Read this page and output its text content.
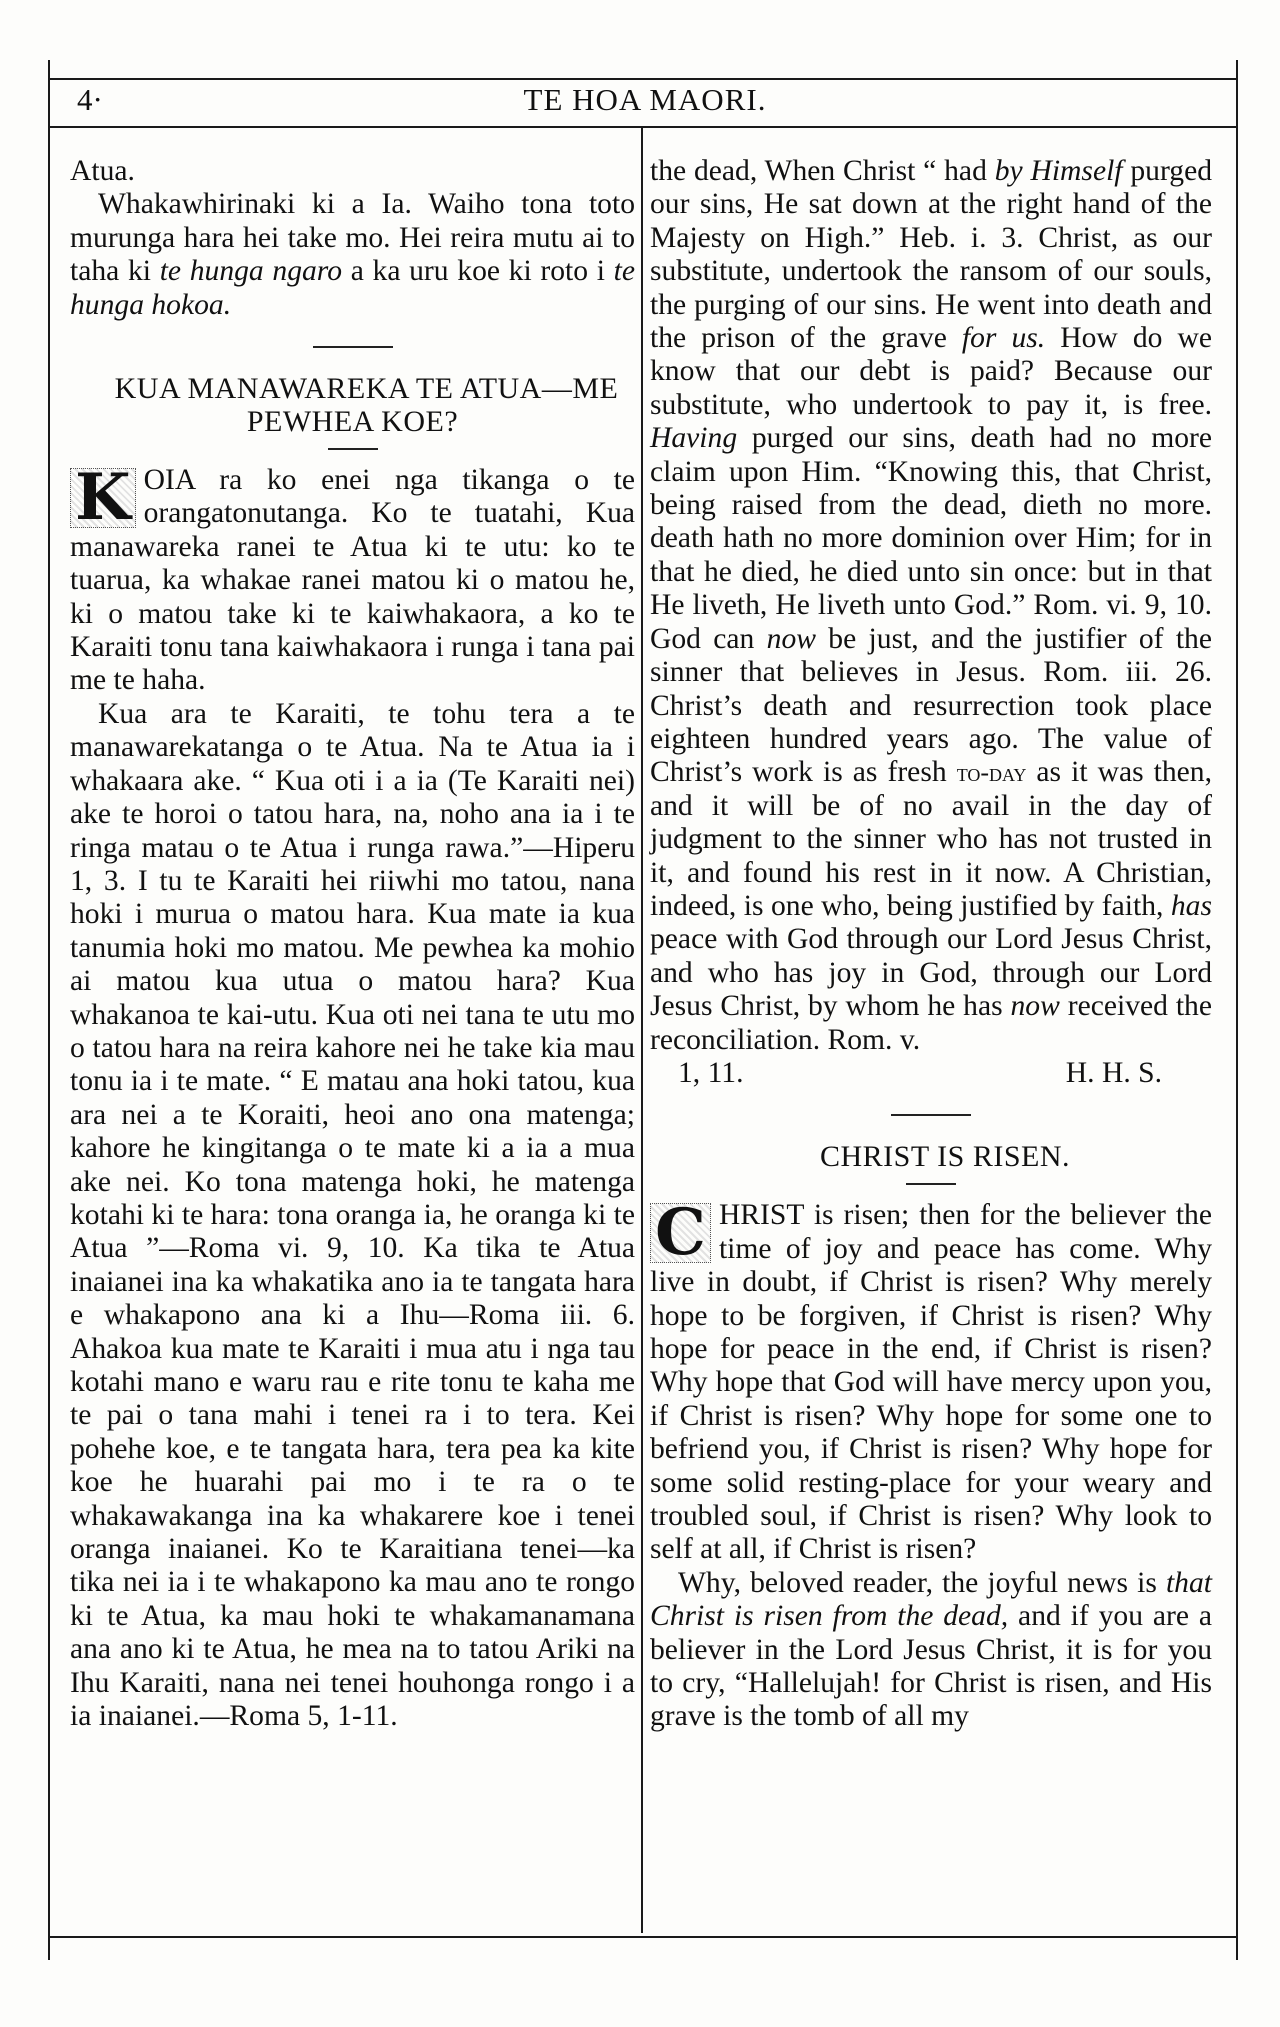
4·	TE HOA MAORI.

Atua.

Whakawhirinaki ki a Ia. Waiho tona toto murunga hara hei take mo. Hei reira mutu ai to taha ki te hunga ngaro a ka uru koe ki roto i te hunga hokoa.

KUA MANAWAREKA TE ATUA—ME PEWHEA KOE?

K OIA ra ko enei nga tikanga o te orangatonutanga. Ko te tuatahi, Kua manawareka ranei te Atua ki te utu: ko te tuarua, ka whakae ranei matou ki o matou he, ki o matou take ki te kaiwhakaora, a ko te Karaiti tonu tana kaiwhakaora i runga i tana pai me te haha.

Kua ara te Karaiti, te tohu tera a te manawarekatanga o te Atua. Na te Atua ia i whakaara ake. “ Kua oti i a ia (Te Karaiti nei) ake te horoi o tatou hara, na, noho ana ia i te ringa matau o te Atua i runga rawa.”—Hiperu 1, 3. I tu te Karaiti hei riiwhi mo tatou, nana hoki i murua o matou hara. Kua mate ia kua tanumia hoki mo matou. Me pewhea ka mohio ai matou kua utua o matou hara? Kua whakanoa te kai-utu. Kua oti nei tana te utu mo o tatou hara na reira kahore nei he take kia mau tonu ia i te mate. “ E matau ana hoki tatou, kua ara nei a te Koraiti, heoi ano ona matenga; kahore he kingitanga o te mate ki a ia a mua ake nei. Ko tona matenga hoki, he matenga kotahi ki te hara: tona oranga ia, he oranga ki te Atua ”—Roma vi. 9, 10. Ka tika te Atua inaianei ina ka whakatika ano ia te tangata hara e whakapono ana ki a Ihu—Roma iii. 6. Ahakoa kua mate te Karaiti i mua atu i nga tau kotahi mano e waru rau e rite tonu te kaha me te pai o tana mahi i tenei ra i to tera. Kei pohehe koe, e te tangata hara, tera pea ka kite koe he huarahi pai mo i te ra o te whakawakanga ina ka whakarere koe i tenei oranga inaianei. Ko te Karaitiana tenei—ka tika nei ia i te whakapono ka mau ano te rongo ki te Atua, ka mau hoki te whakamanamana ana ano ki te Atua, he mea na to tatou Ariki na Ihu Karaiti, nana nei tenei houhonga rongo i a ia inaianei.—Roma 5, 1-11.

the dead, When Christ “ had by Himself purged our sins, He sat down at the right hand of the Majesty on High.” Heb. i. 3. Christ, as our substitute, undertook the ransom of our souls, the purging of our sins. He went into death and the prison of the grave for us. How do we know that our debt is paid? Because our substitute, who undertook to pay it, is free. Having purged our sins, death had no more claim upon Him. “Knowing this, that Christ, being raised from the dead, dieth no more. death hath no more dominion over Him; for in that he died, he died unto sin once: but in that He liveth, He liveth unto God.” Rom. vi. 9, 10. God can now be just, and the justifier of the sinner that believes in Jesus. Rom. iii. 26. Christ’s death and resurrection took place eighteen hundred years ago. The value of Christ’s work is as fresh to-day as it was then, and it will be of no avail in the day of judgment to the sinner who has not trusted in it, and found his rest in it now. A Christian, indeed, is one who, being justified by faith, has peace with God through our Lord Jesus Christ, and who has joy in God, through our Lord Jesus Christ, by whom he has now received the reconciliation. Rom. v.

1, 11.	H. H. S.

CHRIST IS RISEN.

C HRIST is risen; then for the believer the time of joy and peace has come. Why live in doubt, if Christ is risen? Why merely hope to be forgiven, if Christ is risen? Why hope for peace in the end, if Christ is risen? Why hope that God will have mercy upon you, if Christ is risen? Why hope for some one to befriend you, if Christ is risen? Why hope for some solid resting-place for your weary and troubled soul, if Christ is risen? Why look to self at all, if Christ is risen?

Why, beloved reader, the joyful news is that Christ is risen from the dead, and if you are a believer in the Lord Jesus Christ, it is for you to cry, “Hallelujah! for Christ is risen, and His grave is the tomb of all my
